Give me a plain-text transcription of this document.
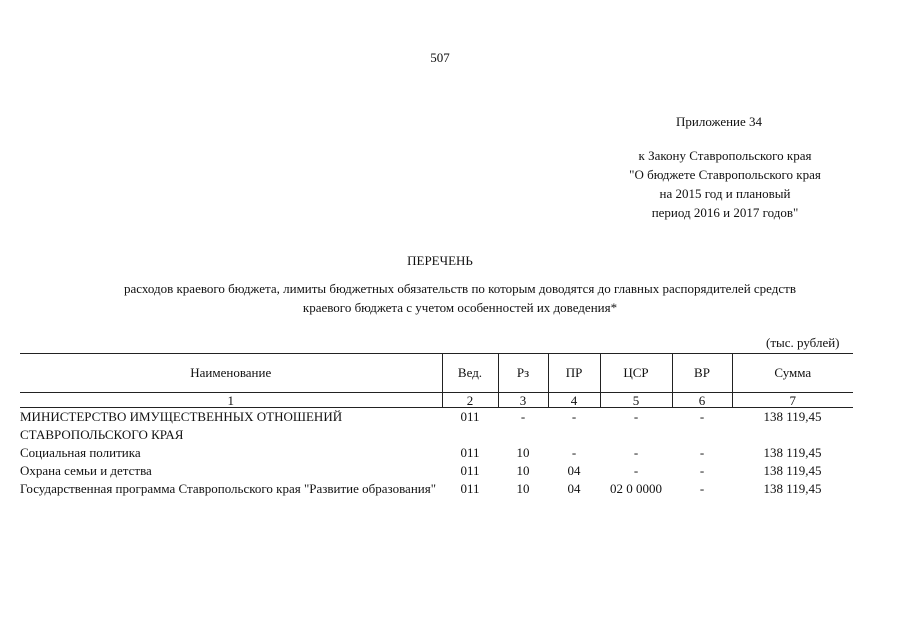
507
Приложение 34
к Закону Ставропольского края
"О бюджете Ставропольского края
на 2015 год и плановый
период 2016 и 2017 годов"
ПЕРЕЧЕНЬ
расходов краевого бюджета, лимиты бюджетных обязательств по которым доводятся до главных распорядителей средств
краевого бюджета с учетом особенностей их доведения*
(тыс. рублей)
Наименование	Вед.	Рз	ПР	ЦСР	ВР	Сумма
1	2	3	4	5	6	7
МИНИСТЕРСТВО ИМУЩЕСТВЕННЫХ ОТНОШЕНИЙ СТАВРОПОЛЬСКОГО КРАЯ	011	-	-	-	-	138 119,45
Социальная политика	011	10	-	-	-	138 119,45
Охрана семьи и детства	011	10	04	-	-	138 119,45
Государственная программа Ставропольского края "Развитие образования"	011	10	04	02 0 0000	-	138 119,45
